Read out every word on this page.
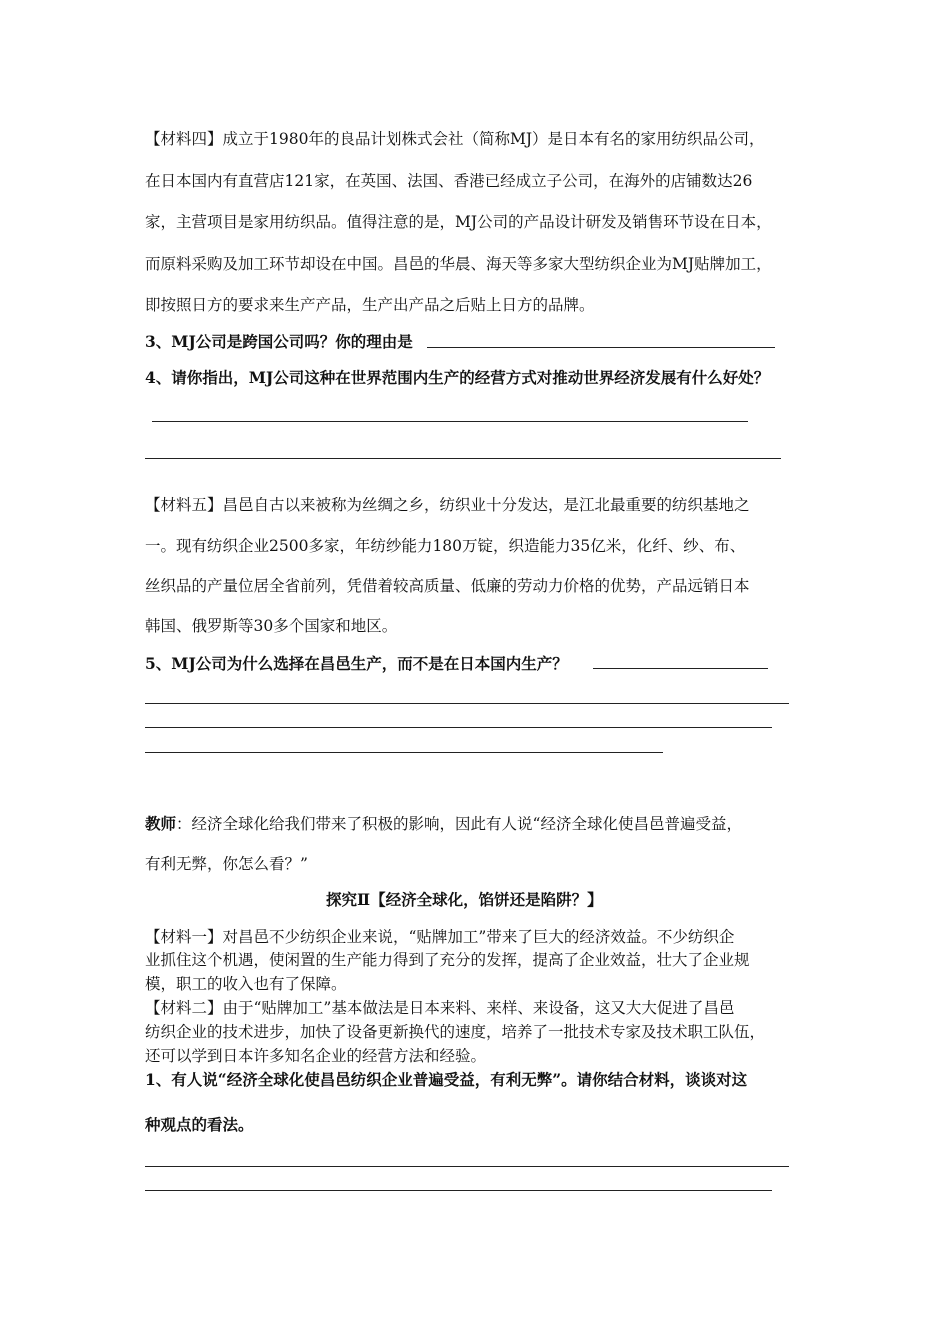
【材料四】成立于1980年的良品计划株式会社（简称MJ）是日本有名的家用纺织品公司，
在日本国内有直营店121家，在英国、法国、香港已经成立子公司，在海外的店铺数达26
家，主营项目是家用纺织品。值得注意的是，MJ公司的产品设计研发及销售环节设在日本，
而原料采购及加工环节却设在中国。昌邑的华晨、海天等多家大型纺织企业为MJ贴牌加工，
即按照日方的要求来生产产品，生产出产品之后贴上日方的品牌。
3、MJ公司是跨国公司吗？你的理由是
4、请你指出，MJ公司这种在世界范围内生产的经营方式对推动世界经济发展有什么好处？
【材料五】昌邑自古以来被称为丝绸之乡，纺织业十分发达，是江北最重要的纺织基地之
一。现有纺织企业2500多家，年纺纱能力180万锭，织造能力35亿米，化纤、纱、布、
丝织品的产量位居全省前列，凭借着较高质量、低廉的劳动力价格的优势，产品远销日本
韩国、俄罗斯等30多个国家和地区。
5、MJ公司为什么选择在昌邑生产，而不是在日本国内生产？
教师：经济全球化给我们带来了积极的影响，因此有人说“经济全球化使昌邑普遍受益，
有利无弊，你怎么看？”
探究Ⅱ【经济全球化，馅饼还是陷阱？】
【材料一】对昌邑不少纺织企业来说，“贴牌加工”带来了巨大的经济效益。不少纺织企
业抓住这个机遇，使闲置的生产能力得到了充分的发挥，提高了企业效益，壮大了企业规
模，职工的收入也有了保障。
【材料二】由于“贴牌加工”基本做法是日本来料、来样、来设备，这又大大促进了昌邑
纺织企业的技术进步，加快了设备更新换代的速度，培养了一批技术专家及技术职工队伍，
还可以学到日本许多知名企业的经营方法和经验。
1、有人说“经济全球化使昌邑纺织企业普遍受益，有利无弊”。请你结合材料，谈谈对这
种观点的看法。
